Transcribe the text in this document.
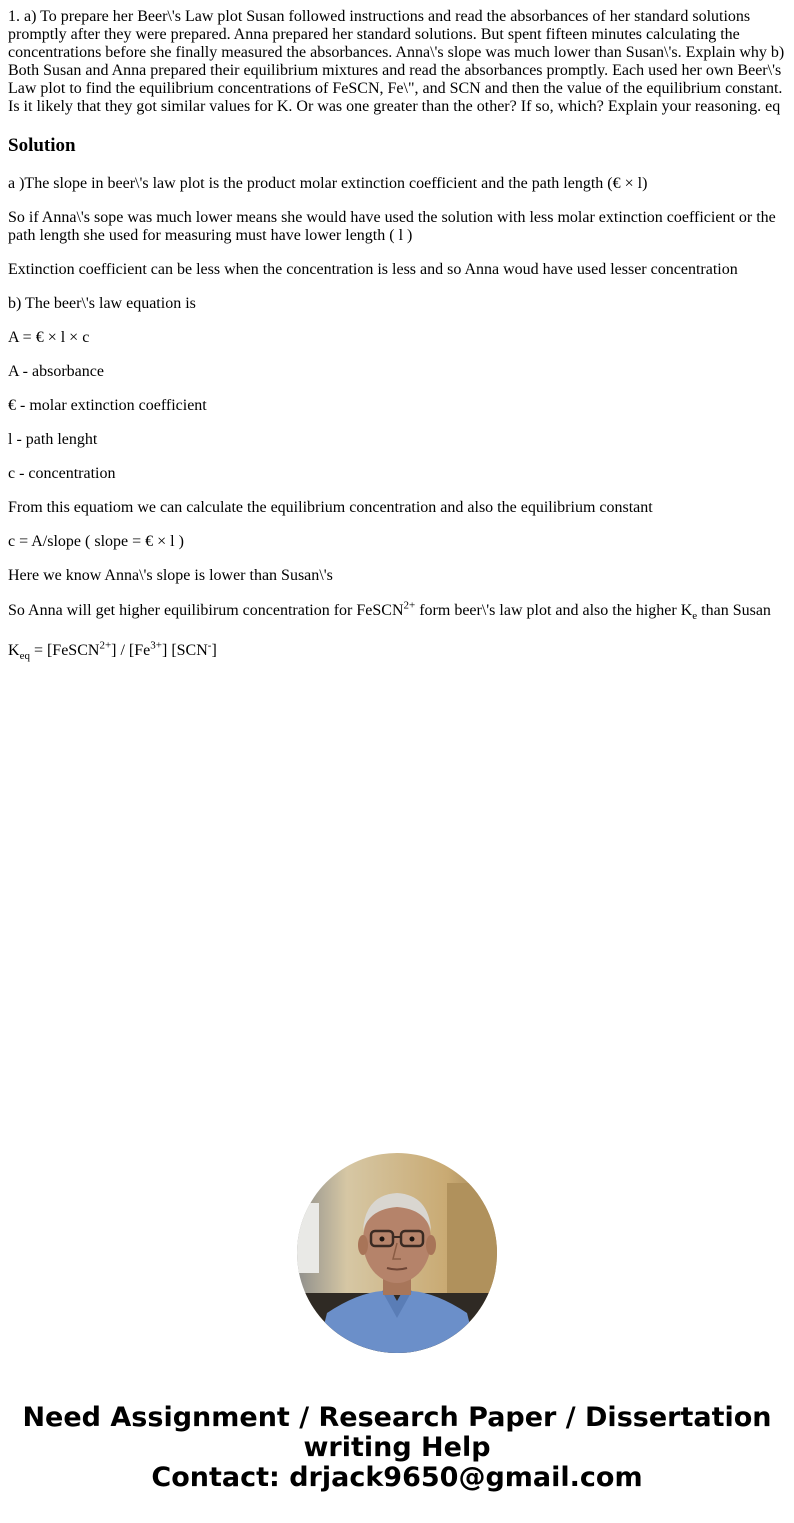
1. a) To prepare her Beer\'s Law plot Susan followed instructions and read the absorbances of her standard solutions promptly after they were prepared. Anna prepared her standard solutions. But spent fifteen minutes calculating the concentrations before she finally measured the absorbances. Anna\'s slope was much lower than Susan\'s. Explain why b) Both Susan and Anna prepared their equilibrium mixtures and read the absorbances promptly. Each used her own Beer\'s Law plot to find the equilibrium concentrations of FeSCN, Fe\", and SCN and then the value of the equilibrium constant. Is it likely that they got similar values for K. Or was one greater than the other? If so, which? Explain your reasoning. eq

Solution

a )The slope in beer\'s law plot is the product molar extinction coefficient and the path length (€ × l)

So if Anna\'s sope was much lower means she would have used the solution with less molar extinction coefficient or the path length she used for measuring must have lower length ( l )

Extinction coefficient can be less when the concentration is less and so Anna woud have used lesser concentration

b) The beer\'s law equation is

A = € × l × c

A - absorbance

€ - molar extinction coefficient

l - path lenght

c - concentration

From this equatiom we can calculate the equilibrium concentration and also the equilibrium constant

c = A/slope ( slope = € × l )

Here we know Anna\'s slope is lower than Susan\'s

So Anna will get higher equilibirum concentration for FeSCN$^{2+}$ form beer\'s law plot and also the higher $K_e$ than Susan

$K_{eq}$ = [FeSCN$^{2+}$] / $[Fe^{3+}]$ [SCN-]

Need Assignment / Research Paper / Dissertation
writing Help
Contact: drjack9650@gmail.com
